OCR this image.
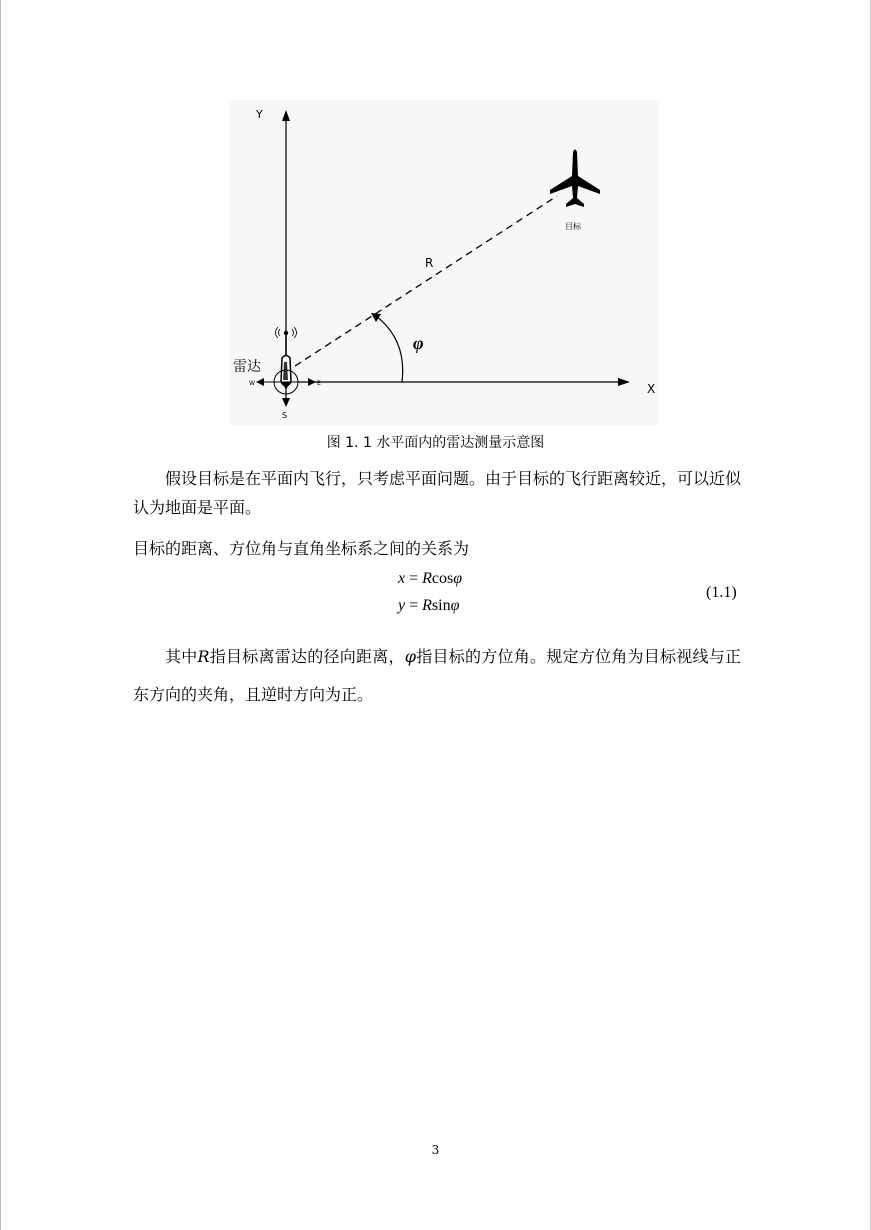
Y
X
R
φ
目标
W	E
S
雷达
图 1. 1 水平面内的雷达测量示意图
假设目标是在平面内飞行，只考虑平面问题。由于目标的飞行距离较近，可以近似认为地面是平面。
目标的距离、方位角与直角坐标系之间的关系为
x = Rcosφ
y = Rsinφ
(1.1)
其中R指目标离雷达的径向距离，φ指目标的方位角。规定方位角为目标视线与正东方向的夹角，且逆时方向为正。
3
